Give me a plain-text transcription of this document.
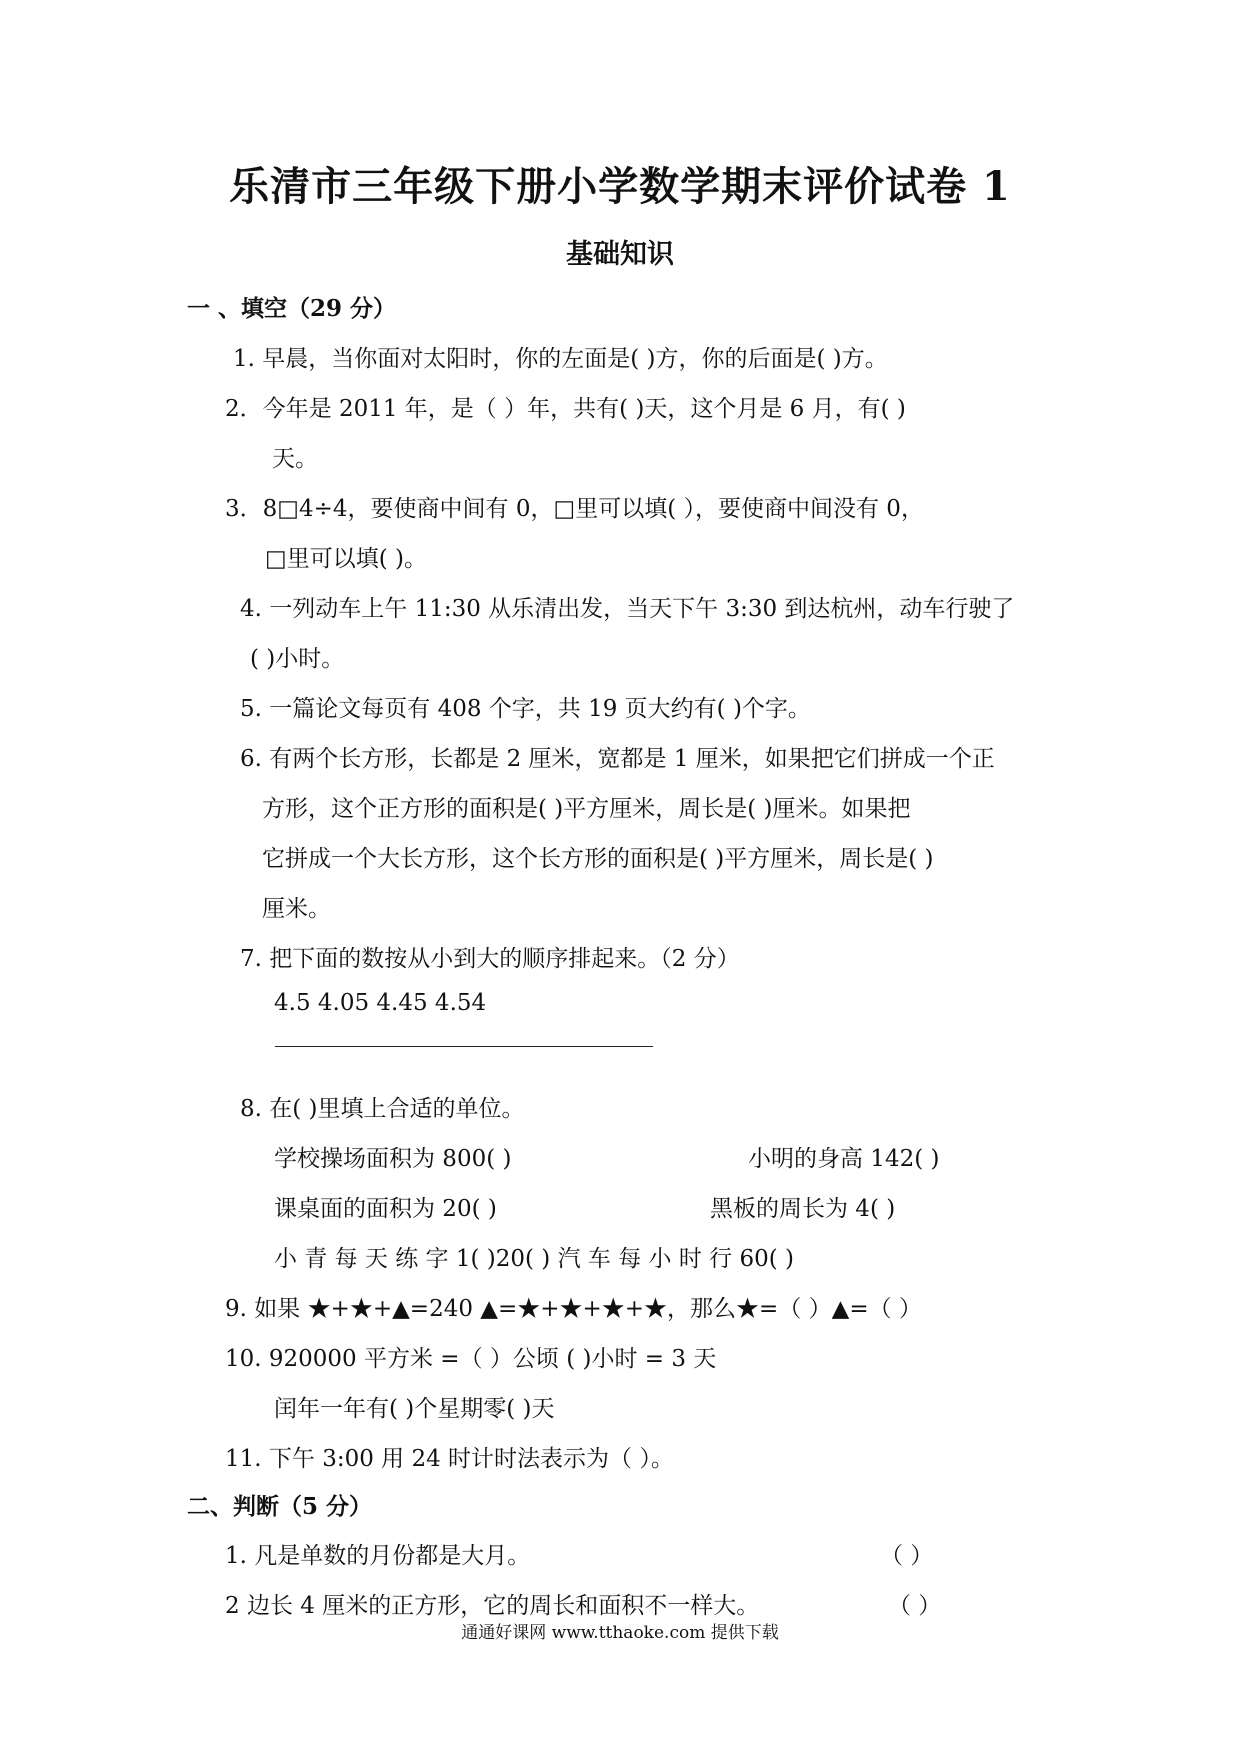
乐清市三年级下册小学数学期末评价试卷 1
基础知识
一 、填空（29 分）
1. 早晨，当你面对太阳时，你的左面是( )方，你的后面是( )方。
2．今年是 2011 年，是（ ）年，共有( )天，这个月是 6 月，有( )
天。
3．8□4÷4，要使商中间有 0，□里可以填( ），要使商中间没有 0，
□里可以填( )。
4. 一列动车上午 11:30 从乐清出发，当天下午 3:30 到达杭州，动车行驶了
( )小时。
5. 一篇论文每页有 408 个字，共 19 页大约有( )个字。
6. 有两个长方形，长都是 2 厘米，宽都是 1 厘米，如果把它们拼成一个正
方形，这个正方形的面积是( )平方厘米，周长是( )厘米。如果把
它拼成一个大长方形，这个长方形的面积是( )平方厘米，周长是( )
厘米。
7. 把下面的数按从小到大的顺序排起来。（2 分）
4.5 4.05 4.45 4.54
8. 在( )里填上合适的单位。
学校操场面积为 800( )	小明的身高 142( )
课桌面的面积为 20( )	黑板的周长为 4( )
小 青 每 天 练 字 1( )20( ) 汽 车 每 小 时 行 60( )
9. 如果 ★+★+▲=240 ▲=★+★+★+★，那么★=（ ）▲=（ ）
10. 920000 平方米 =（ ）公顷 ( )小时 = 3 天
闰年一年有( )个星期零( )天
11. 下午 3:00 用 24 时计时法表示为（ ）。
二、判断（5 分）
1. 凡是单数的月份都是大月。	（ ）
2 边长 4 厘米的正方形，它的周长和面积不一样大。	（ ）
通通好课网 www.tthaoke.com 提供下载
